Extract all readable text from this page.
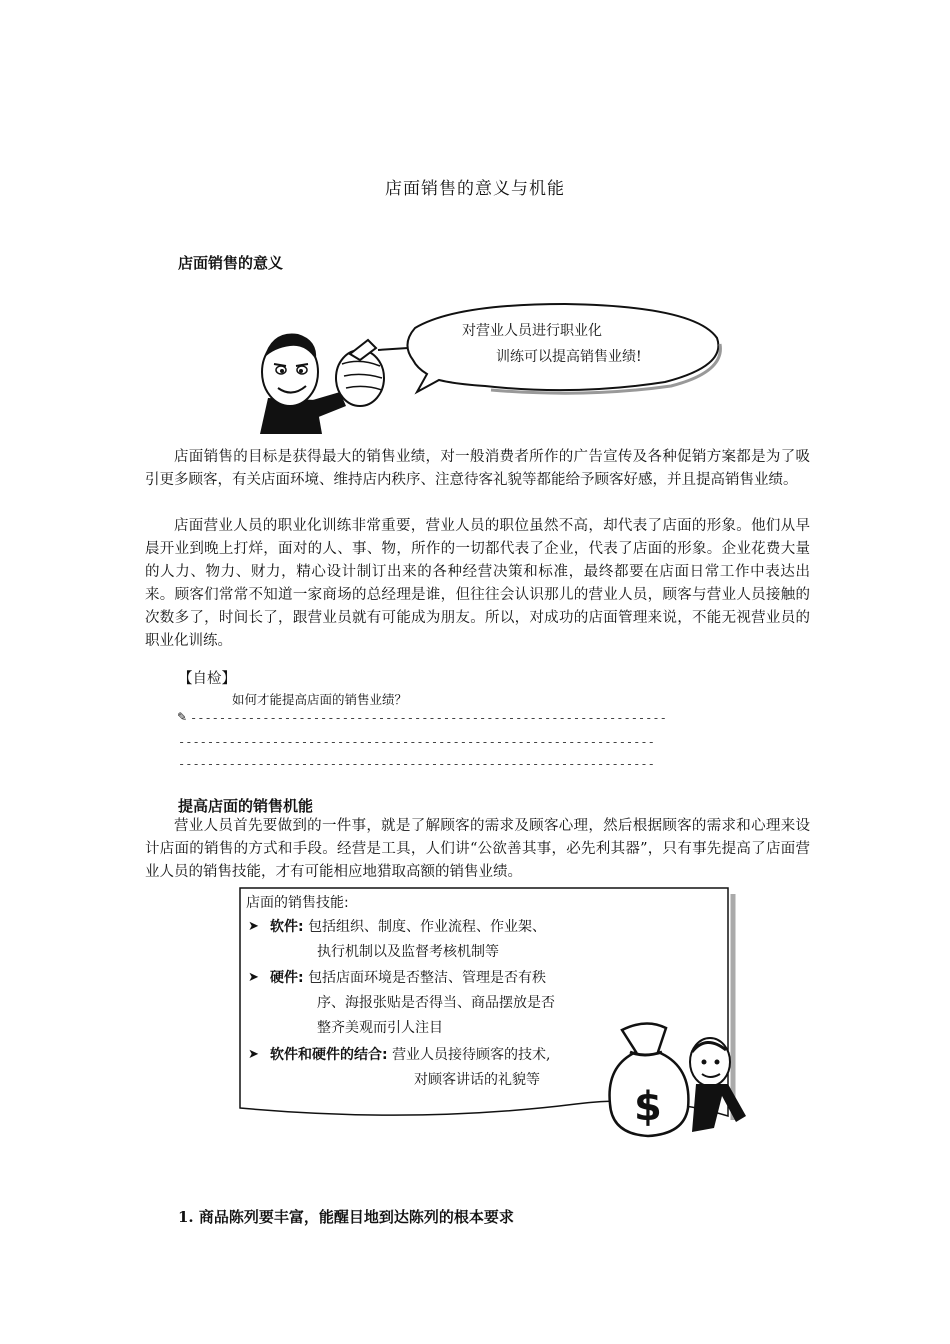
店面销售的意义与机能
店面销售的意义
对营业人员进行职业化
训练可以提高销售业绩!

店面销售的目标是获得最大的销售业绩，对一般消费者所作的广告宣传及各种促销方案都是为了吸引更多顾客，有关店面环境、维持店内秩序、注意待客礼貌等都能给予顾客好感，并且提高销售业绩。

店面营业人员的职业化训练非常重要，营业人员的职位虽然不高，却代表了店面的形象。他们从早晨开业到晚上打烊，面对的人、事、物，所作的一切都代表了企业，代表了店面的形象。企业花费大量的人力、物力、财力，精心设计制订出来的各种经营决策和标准，最终都要在店面日常工作中表达出来。顾客们常常不知道一家商场的总经理是谁，但往往会认识那儿的营业人员，顾客与营业人员接触的次数多了，时间长了，跟营业员就有可能成为朋友。所以，对成功的店面管理来说，不能无视营业员的职业化训练。

【自检】
如何才能提高店面的销售业绩？
✎ ------------------------------------------------------------------
------------------------------------------------------------------
------------------------------------------------------------------
提高店面的销售机能

营业人员首先要做到的一件事，就是了解顾客的需求及顾客心理，然后根据顾客的需求和心理来设计店面的销售的方式和手段。经营是工具，人们讲“公欲善其事，必先利其器”，只有事先提高了店面营业人员的销售技能，才有可能相应地猎取高额的销售业绩。

店面的销售技能:
➤ 软件: 包括组织、制度、作业流程、作业架、
执行机制以及监督考核机制等
➤ 硬件: 包括店面环境是否整洁、管理是否有秩
序、海报张贴是否得当、商品摆放是否
整齐美观而引人注目
➤ 软件和硬件的结合: 营业人员接待顾客的技术,
对顾客讲话的礼貌等
$
1. 商品陈列要丰富，能醒目地到达陈列的根本要求
